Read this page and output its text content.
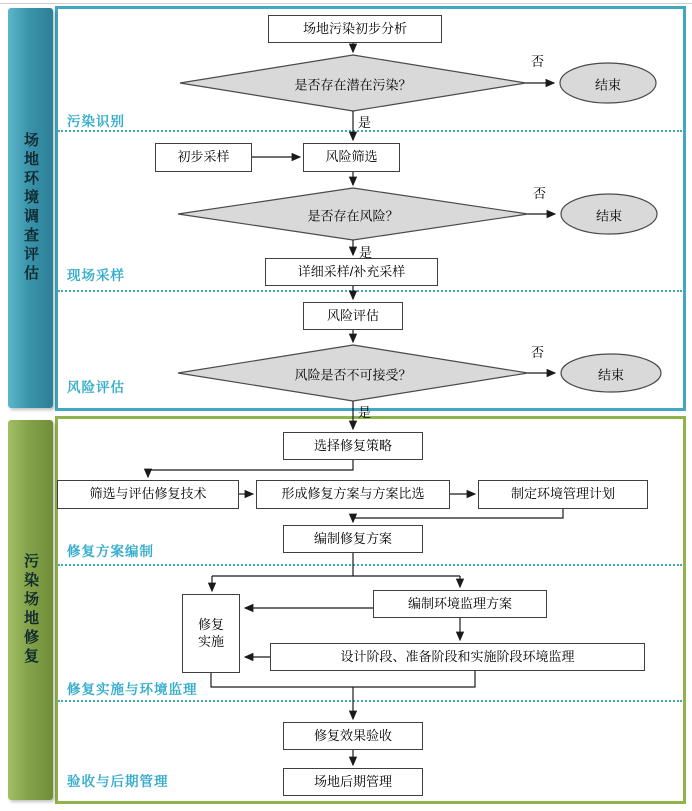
场地环境调查评估
污染场地修复
场地污染初步分析
初步采样	风险筛选
详细采样/补充采样
风险评估
选择修复策略
筛选与评估修复技术	形成修复方案与方案比选	制定环境管理计划
编制修复方案
修复实施
编制环境监理方案
设计阶段、准备阶段和实施阶段环境监理
修复效果验收
场地后期管理
是否存在潜在污染？	结束
是否存在风险？	结束
风险是否不可接受？	结束
否
是
否
是
否
是
污染识别
现场采样
风险评估
修复方案编制
修复实施与环境监理
验收与后期管理
